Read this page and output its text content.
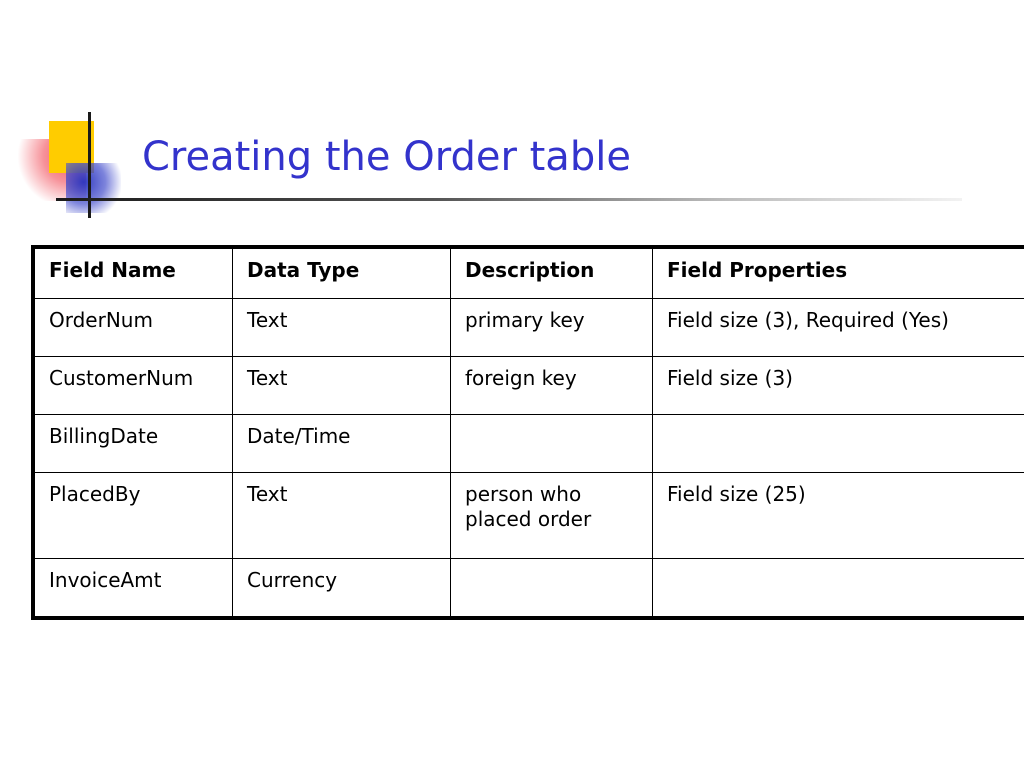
Creating the Order table
Field Name	Data Type	Description	Field Properties
OrderNum	Text	primary key	Field size (3), Required (Yes)
CustomerNum	Text	foreign key	Field size (3)
BillingDate	Date/Time		
PlacedBy	Text	person who placed order	Field size (25)
InvoiceAmt	Currency		
